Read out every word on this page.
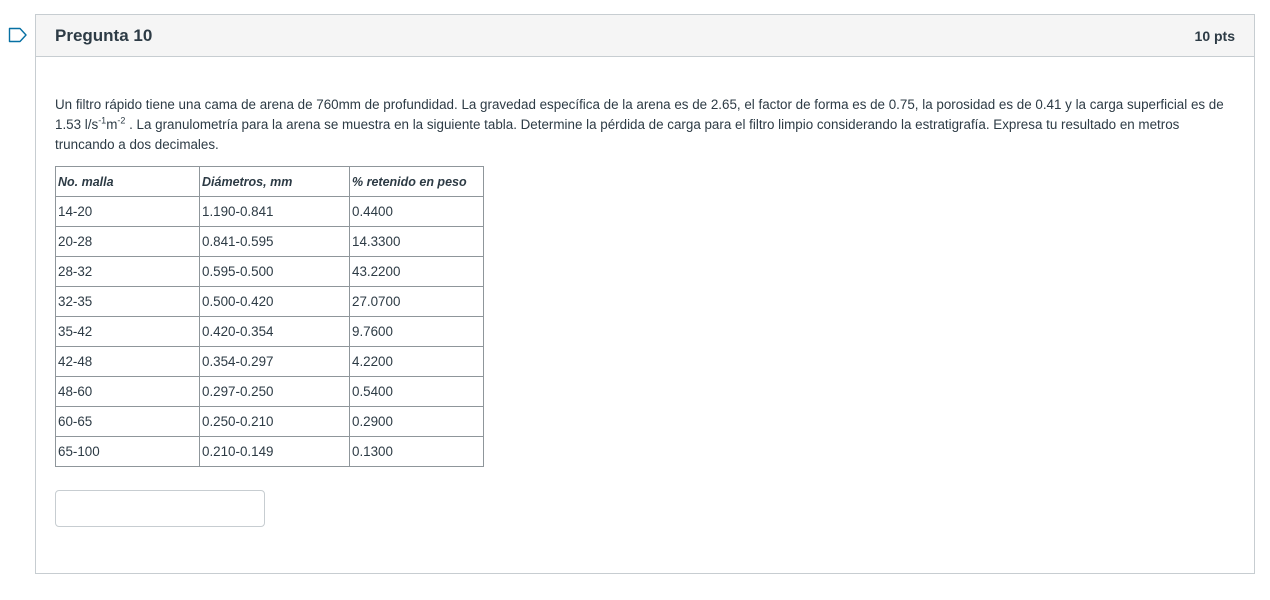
Pregunta 10	10 pts

Un filtro rápido tiene una cama de arena de 760mm de profundidad. La gravedad específica de la arena es de 2.65, el factor de forma es de 0.75, la porosidad es de 0.41 y la carga superficial es de 1.53 $l/s^{-1}m^{-2}$ . La granulometría para la arena se muestra en la siguiente tabla. Determine la pérdida de carga para el filtro limpio considerando la estratigrafía. Expresa tu resultado en metros truncando a dos decimales.

No. malla	Diámetros, mm	% retenido en peso
14-20	1.190-0.841	0.4400
20-28	0.841-0.595	14.3300
28-32	0.595-0.500	43.2200
32-35	0.500-0.420	27.0700
35-42	0.420-0.354	9.7600
42-48	0.354-0.297	4.2200
48-60	0.297-0.250	0.5400
60-65	0.250-0.210	0.2900
65-100	0.210-0.149	0.1300
